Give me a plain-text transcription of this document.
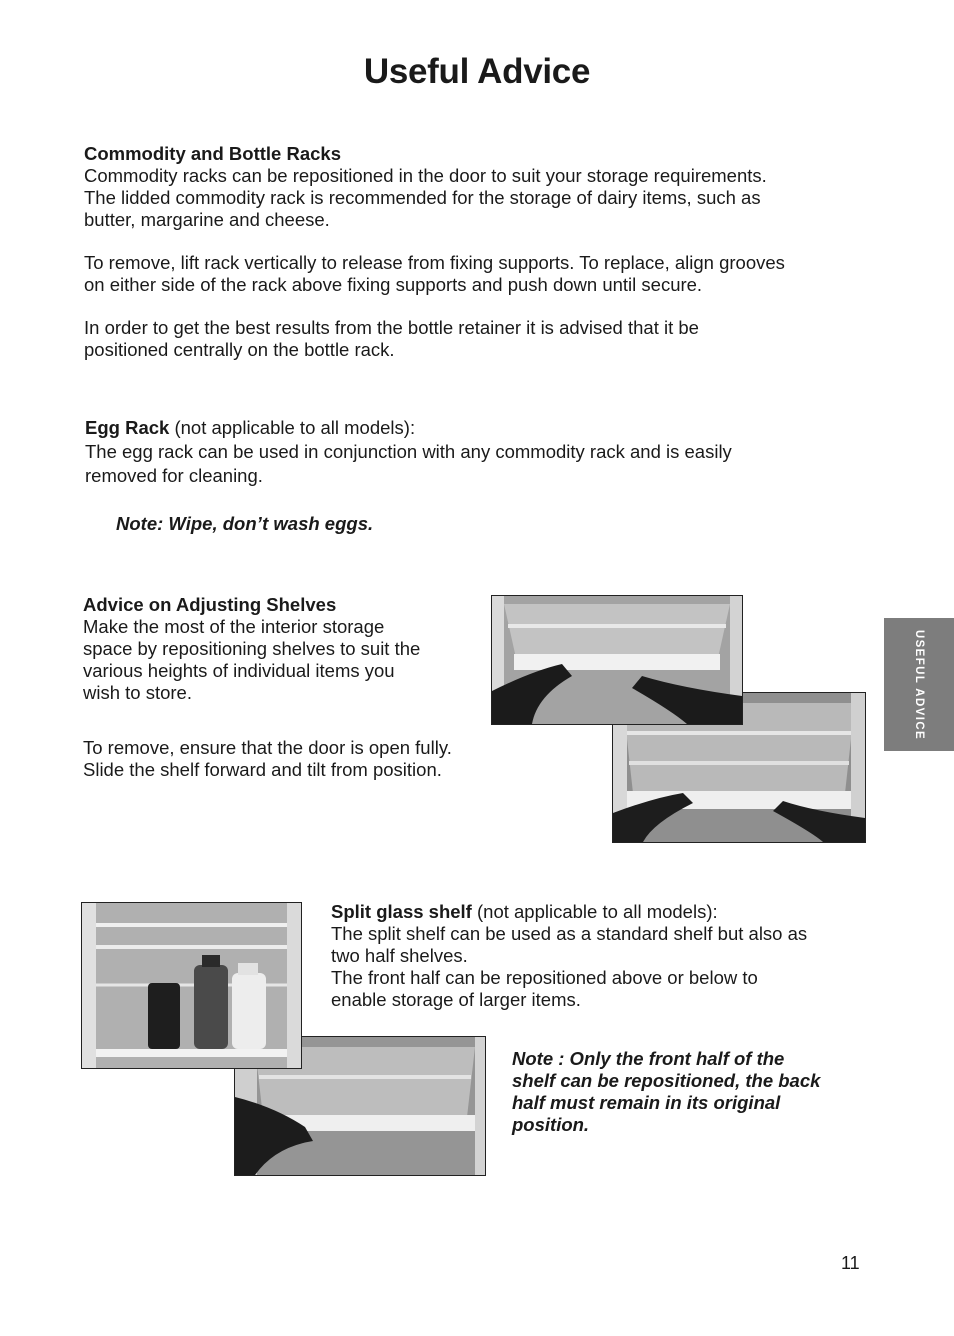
Useful Advice

Commodity and Bottle Racks

Commodity racks can be repositioned in the door to suit your storage requirements.

The lidded commodity rack is recommended for the storage of dairy items, such as

butter, margarine and cheese.

To remove, lift rack vertically to release from fixing supports. To replace, align grooves

on either side of the rack above fixing supports and push down until secure.

In order to get the best results from the bottle retainer it is advised that it be

positioned centrally on the bottle rack.

Egg Rack (not applicable to all models):

The egg rack can be used in conjunction with any commodity rack and is easily

removed for cleaning.

Note: Wipe, don’t wash eggs.

Advice on Adjusting Shelves

Make the most of the interior storage

space by repositioning shelves to suit the

various heights of individual items you

wish to store.

To remove, ensure that the door is open fully.

Slide the shelf forward and tilt from position.

USEFUL ADVICE

Split glass shelf (not applicable to all models):

The split shelf can be used as a standard shelf but also as

two half shelves.

The front half can be repositioned above or below to

enable storage of larger items.

Note : Only the front half of the

shelf can be repositioned, the back

half must remain in its original

position.

11
